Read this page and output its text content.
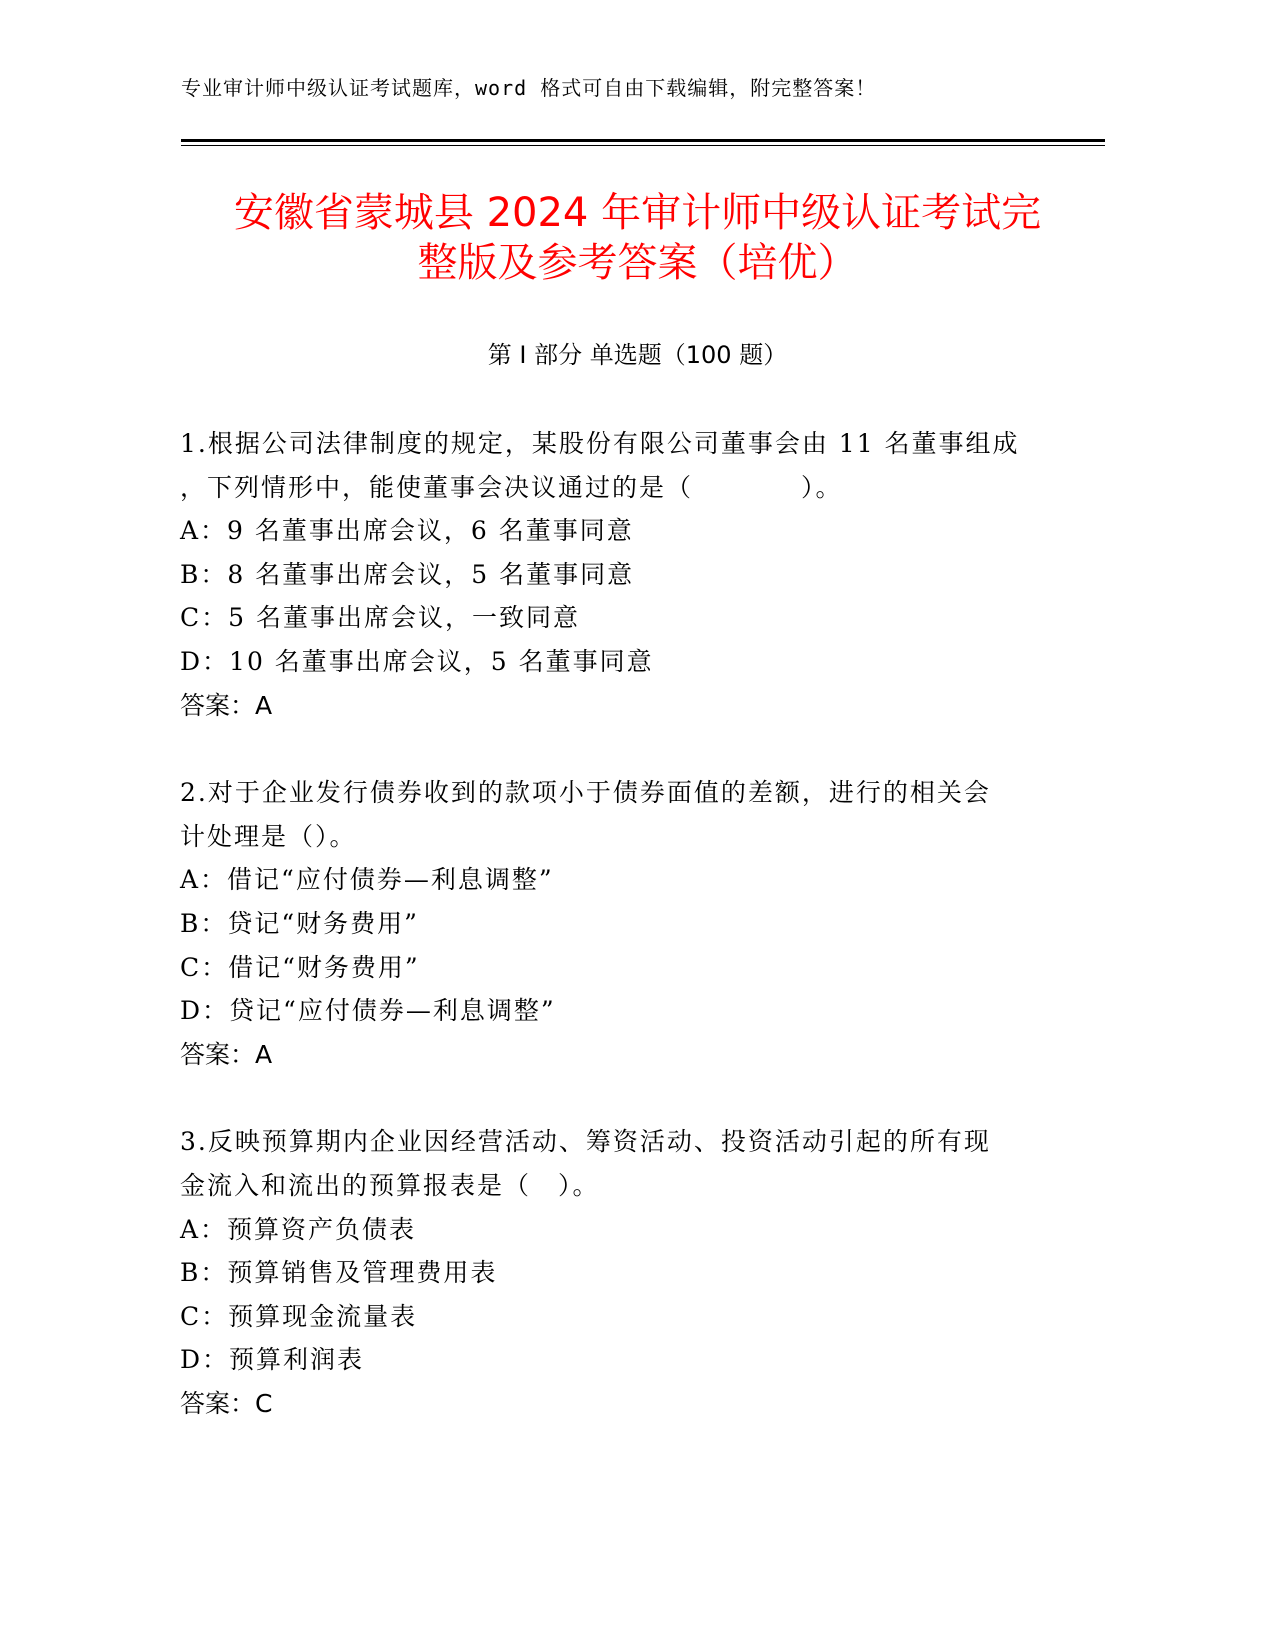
专业审计师中级认证考试题库，word 格式可自由下载编辑，附完整答案！
安徽省蒙城县 2024 年审计师中级认证考试完
整版及参考答案（培优）
第 I 部分 单选题（100 题）
1.根据公司法律制度的规定，某股份有限公司董事会由 11 名董事组成
，下列情形中，能使董事会决议通过的是（　　　　）。
A：9 名董事出席会议，6 名董事同意
B：8 名董事出席会议，5 名董事同意
C：5 名董事出席会议，一致同意
D：10 名董事出席会议，5 名董事同意
答案：A
2.对于企业发行债券收到的款项小于债券面值的差额，进行的相关会
计处理是（）。
A：借记“应付债券—利息调整”
B：贷记“财务费用”
C：借记“财务费用”
D：贷记“应付债券—利息调整”
答案：A
3.反映预算期内企业因经营活动、筹资活动、投资活动引起的所有现
金流入和流出的预算报表是（　）。
A：预算资产负债表
B：预算销售及管理费用表
C：预算现金流量表
D：预算利润表
答案：C
